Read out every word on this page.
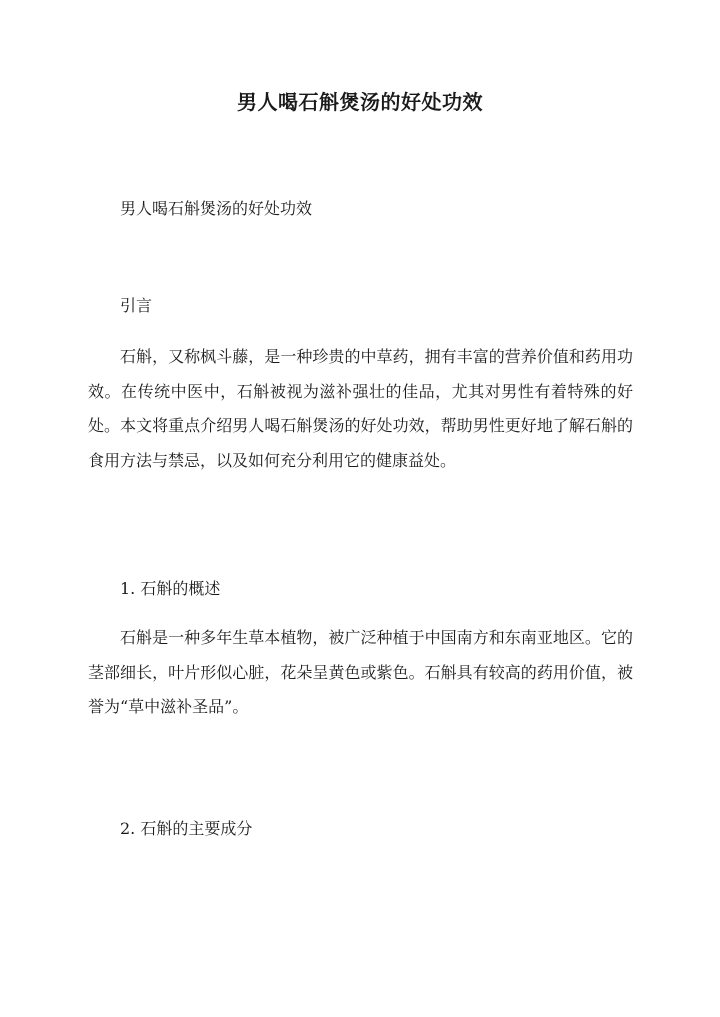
男人喝石斛煲汤的好处功效
男人喝石斛煲汤的好处功效
引言

石斛，又称枫斗藤，是一种珍贵的中草药，拥有丰富的营养价值和药用功效。在传统中医中，石斛被视为滋补强壮的佳品，尤其对男性有着特殊的好处。本文将重点介绍男人喝石斛煲汤的好处功效，帮助男性更好地了解石斛的食用方法与禁忌，以及如何充分利用它的健康益处。

1. 石斛的概述

石斛是一种多年生草本植物，被广泛种植于中国南方和东南亚地区。它的茎部细长，叶片形似心脏，花朵呈黄色或紫色。石斛具有较高的药用价值，被誉为“草中滋补圣品”。

2. 石斛的主要成分
